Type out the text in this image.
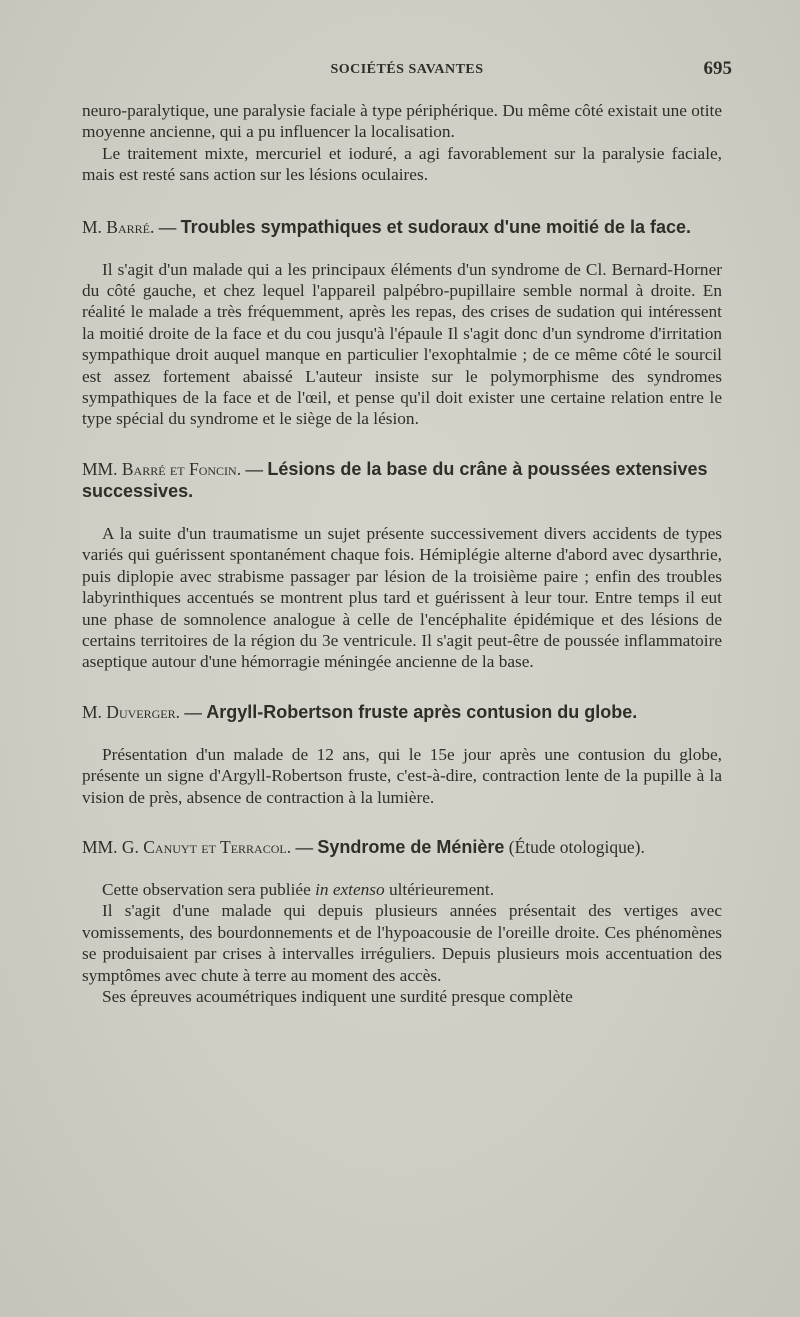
SOCIÉTÉS SAVANTES	695

neuro-paralytique, une paralysie faciale à type périphérique. Du même côté existait une otite moyenne ancienne, qui a pu influencer la localisation.

Le traitement mixte, mercuriel et ioduré, a agi favorablement sur la paralysie faciale, mais est resté sans action sur les lésions oculaires.

M. Barré. — Troubles sympathiques et sudoraux d'une moitié de la face.

Il s'agit d'un malade qui a les principaux éléments d'un syndrome de Cl. Bernard-Horner du côté gauche, et chez lequel l'appareil palpébro-pupillaire semble normal à droite. En réalité le malade a très fréquemment, après les repas, des crises de sudation qui intéressent la moitié droite de la face et du cou jusqu'à l'épaule Il s'agit donc d'un syndrome d'irritation sympathique droit auquel manque en particulier l'exophtalmie ; de ce même côté le sourcil est assez fortement abaissé L'auteur insiste sur le polymorphisme des syndromes sympathiques de la face et de l'œil, et pense qu'il doit exister une certaine relation entre le type spécial du syndrome et le siège de la lésion.

MM. Barré et Foncin. — Lésions de la base du crâne à poussées extensives successives.

A la suite d'un traumatisme un sujet présente successivement divers accidents de types variés qui guérissent spontanément chaque fois. Hémiplégie alterne d'abord avec dysarthrie, puis diplopie avec strabisme passager par lésion de la troisième paire ; enfin des troubles labyrinthiques accentués se montrent plus tard et guérissent à leur tour. Entre temps il eut une phase de somnolence analogue à celle de l'encéphalite épidémique et des lésions de certains territoires de la région du 3e ventricule. Il s'agit peut-être de poussée inflammatoire aseptique autour d'une hémorragie méningée ancienne de la base.

M. Duverger. — Argyll-Robertson fruste après contusion du globe.

Présentation d'un malade de 12 ans, qui le 15e jour après une contusion du globe, présente un signe d'Argyll-Robertson fruste, c'est-à-dire, contraction lente de la pupille à la vision de près, absence de contraction à la lumière.

MM. G. Canuyt et Terracol. — Syndrome de Ménière (Étude otologique).

Cette observation sera publiée in extenso ultérieurement.

Il s'agit d'une malade qui depuis plusieurs années présentait des vertiges avec vomissements, des bourdonnements et de l'hypoacousie de l'oreille droite. Ces phénomènes se produisaient par crises à intervalles irréguliers. Depuis plusieurs mois accentuation des symptômes avec chute à terre au moment des accès.

Ses épreuves acoumétriques indiquent une surdité presque complète
